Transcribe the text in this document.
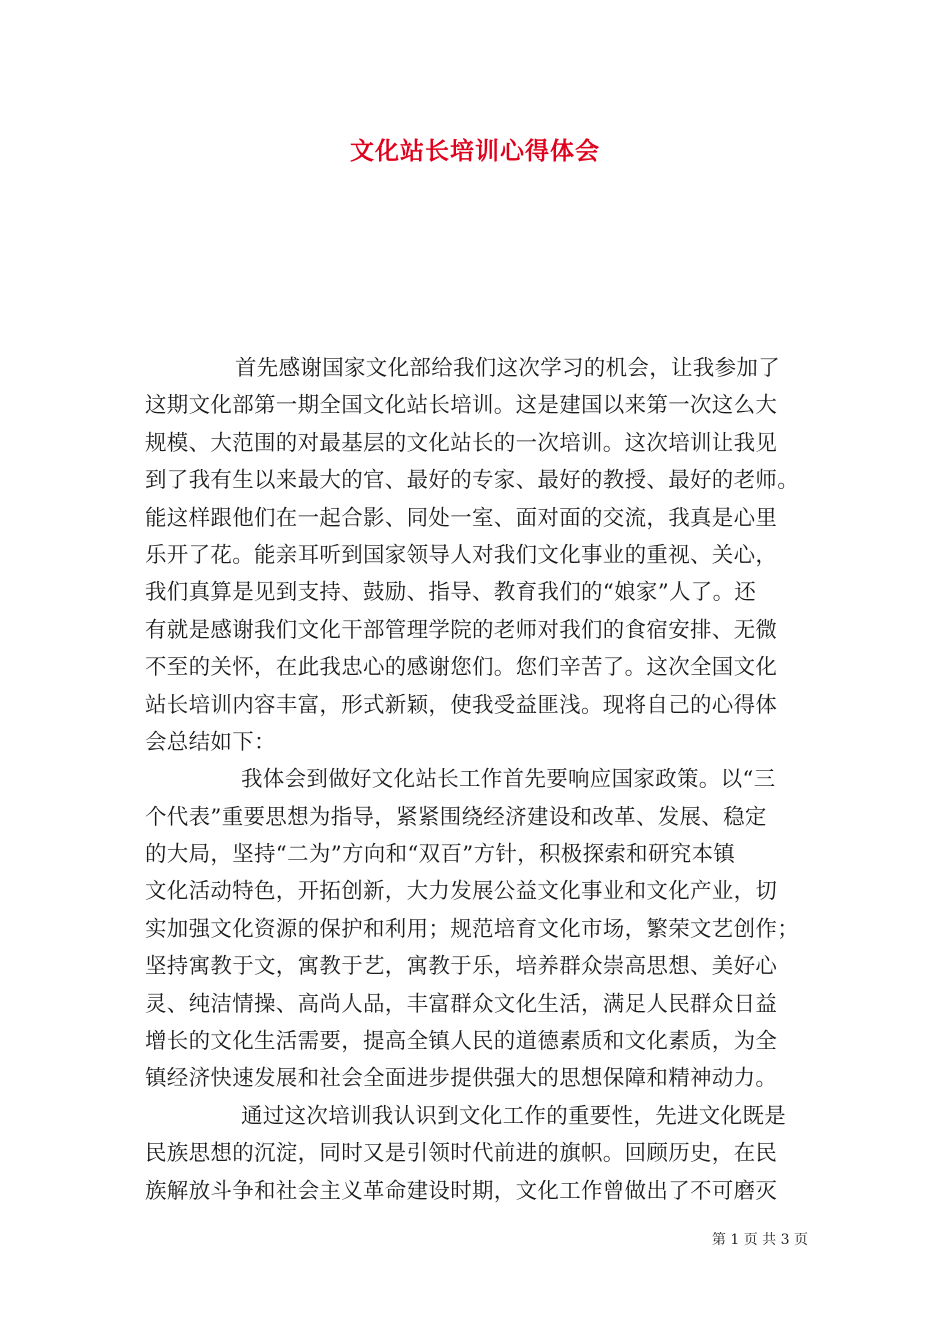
文化站长培训心得体会
首先感谢国家文化部给我们这次学习的机会，让我参加了
这期文化部第一期全国文化站长培训。这是建国以来第一次这么大
规模、大范围的对最基层的文化站长的一次培训。这次培训让我见
到了我有生以来最大的官、最好的专家、最好的教授、最好的老师。
能这样跟他们在一起合影、同处一室、面对面的交流，我真是心里
乐开了花。能亲耳听到国家领导人对我们文化事业的重视、关心，
我们真算是见到支持、鼓励、指导、教育我们的“娘家”人了。还
有就是感谢我们文化干部管理学院的老师对我们的食宿安排、无微
不至的关怀，在此我忠心的感谢您们。您们辛苦了。这次全国文化
站长培训内容丰富，形式新颖，使我受益匪浅。现将自己的心得体
会总结如下：
我体会到做好文化站长工作首先要响应国家政策。以“三
个代表”重要思想为指导，紧紧围绕经济建设和改革、发展、稳定
的大局，坚持“二为”方向和“双百”方针，积极探索和研究本镇
文化活动特色，开拓创新，大力发展公益文化事业和文化产业，切
实加强文化资源的保护和利用；规范培育文化市场，繁荣文艺创作；
坚持寓教于文，寓教于艺，寓教于乐，培养群众崇高思想、美好心
灵、纯洁情操、高尚人品，丰富群众文化生活，满足人民群众日益
增长的文化生活需要，提高全镇人民的道德素质和文化素质，为全
镇经济快速发展和社会全面进步提供强大的思想保障和精神动力。
通过这次培训我认识到文化工作的重要性，先进文化既是
民族思想的沉淀，同时又是引领时代前进的旗帜。回顾历史，在民
族解放斗争和社会主义革命建设时期，文化工作曾做出了不可磨灭
第 1 页 共 3 页
